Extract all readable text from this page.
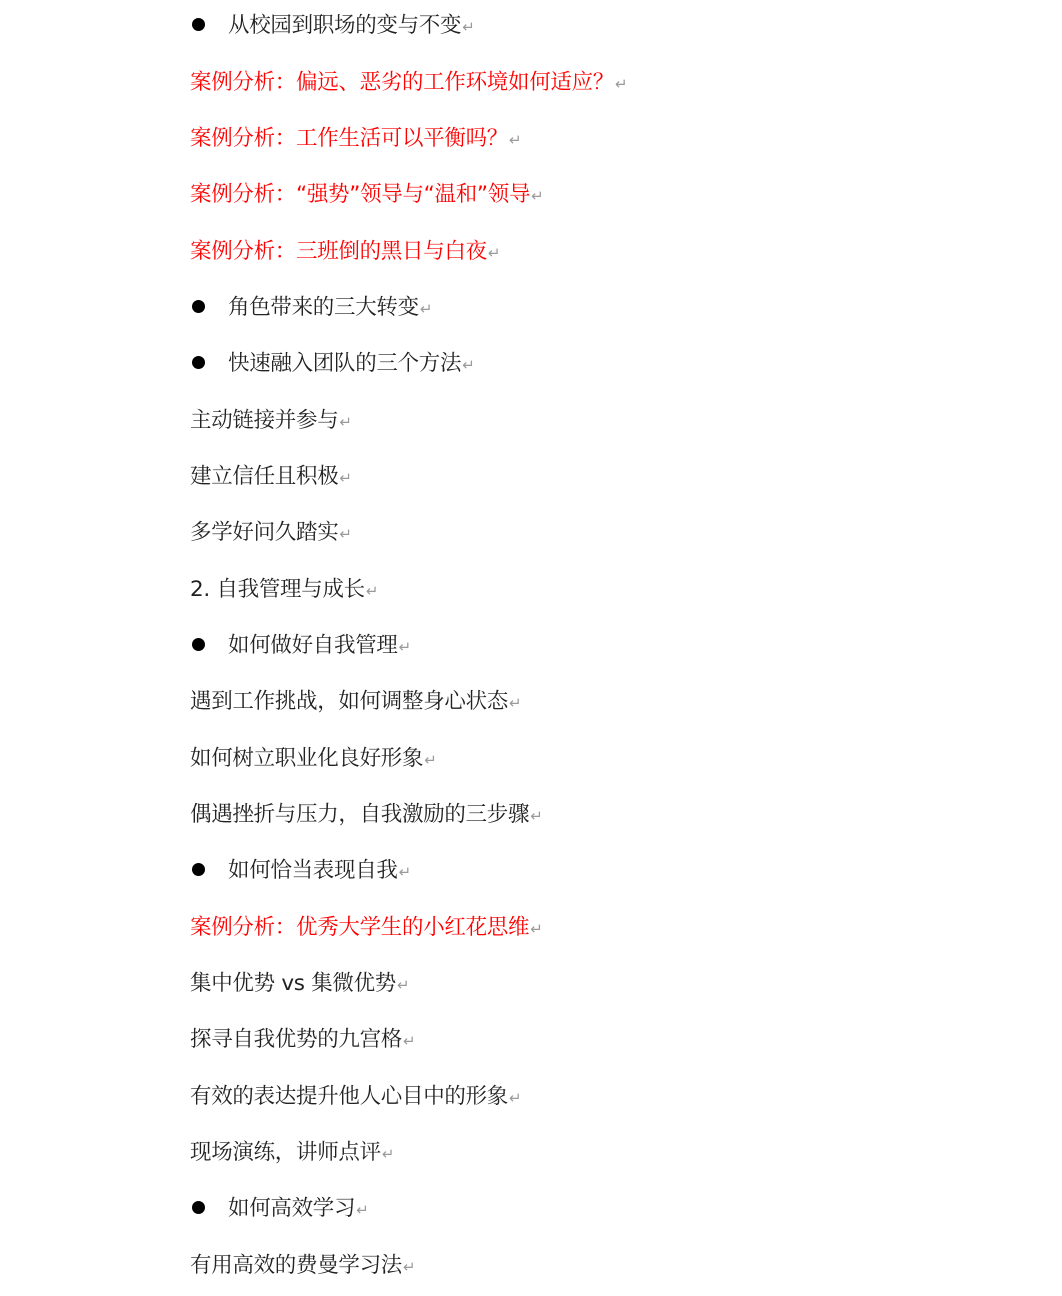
从校园到职场的变与不变↵
案例分析：偏远、恶劣的工作环境如何适应？↵
案例分析：工作生活可以平衡吗？↵
案例分析：“强势”领导与“温和”领导↵
案例分析：三班倒的黑日与白夜↵
角色带来的三大转变↵
快速融入团队的三个方法↵
主动链接并参与↵
建立信任且积极↵
多学好问久踏实↵
2. 自我管理与成长↵
如何做好自我管理↵
遇到工作挑战，如何调整身心状态↵
如何树立职业化良好形象↵
偶遇挫折与压力，自我激励的三步骤↵
如何恰当表现自我↵
案例分析：优秀大学生的小红花思维↵
集中优势 vs 集微优势↵
探寻自我优势的九宫格↵
有效的表达提升他人心目中的形象↵
现场演练，讲师点评↵
如何高效学习↵
有用高效的费曼学习法↵
